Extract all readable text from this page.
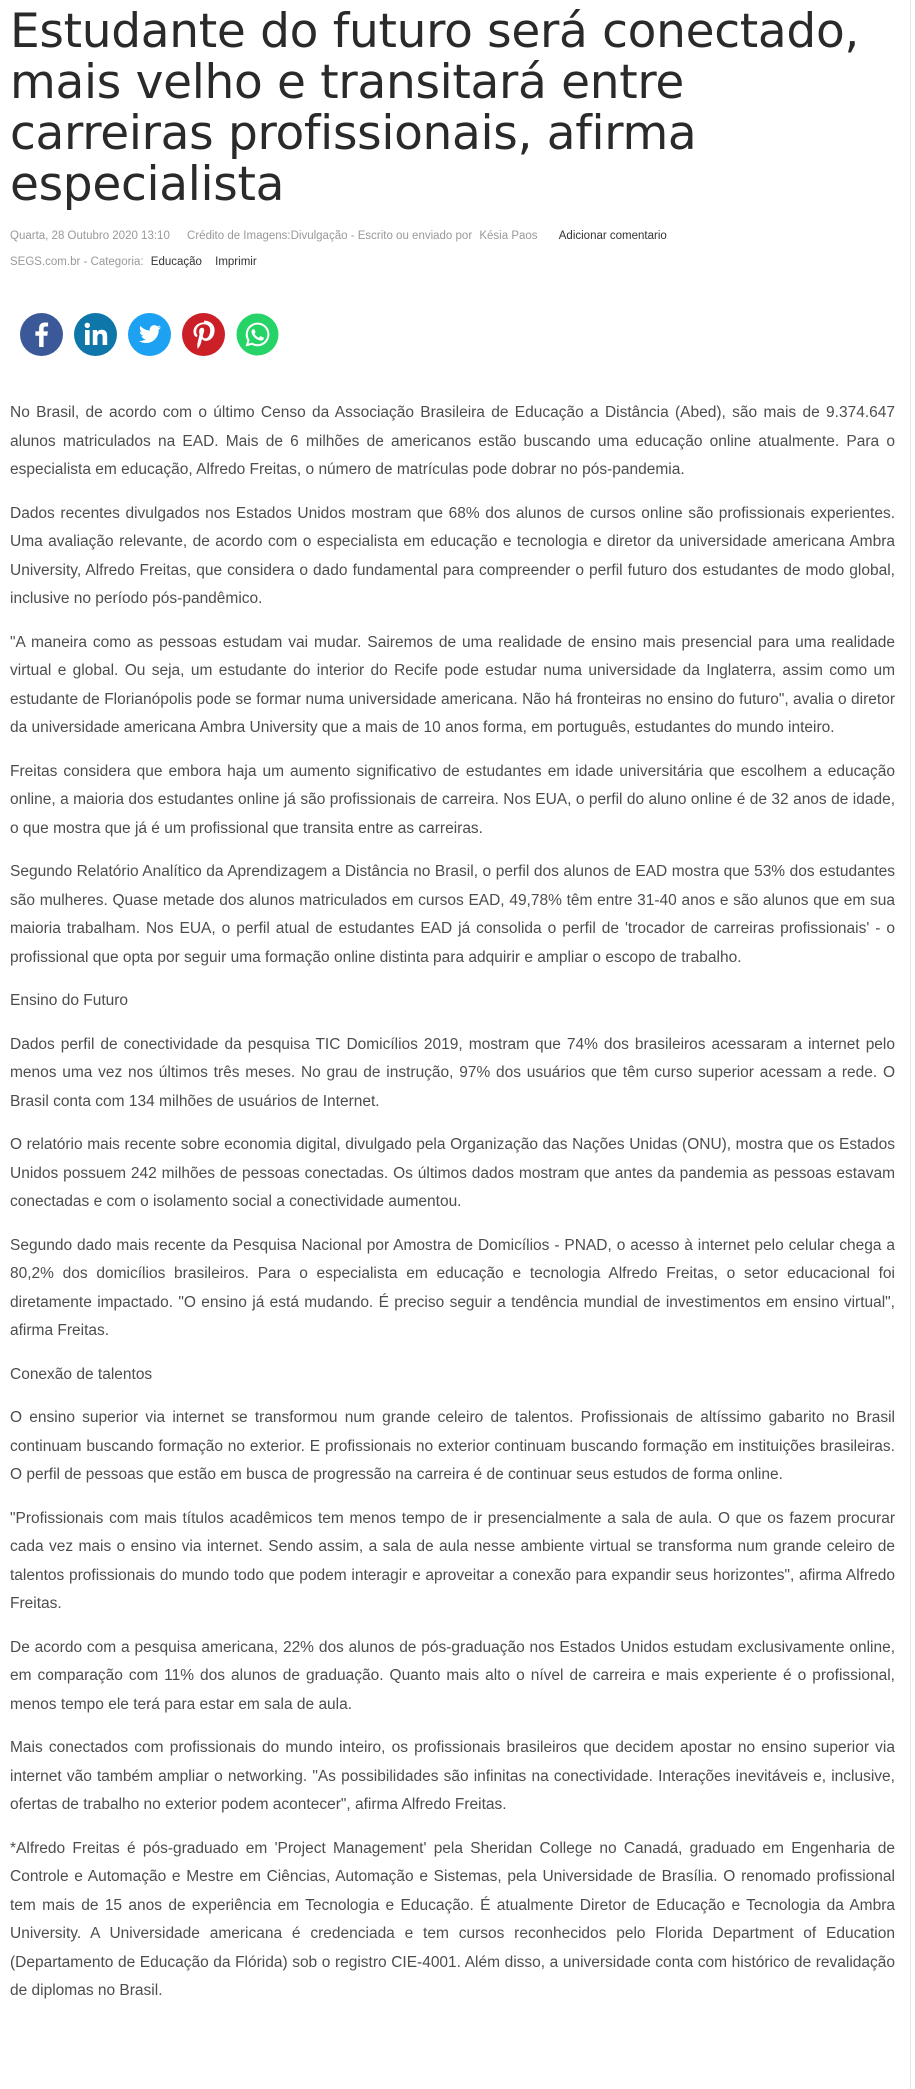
Estudante do futuro será conectado, mais velho e transitará entre carreiras profissionais, afirma especialista
Quarta, 28 Outubro 2020 13:10 Crédito de Imagens:Divulgação - Escrito ou enviado por Késia Paos Adicionar comentario
SEGS.com.br - Categoria: Educação Imprimir

No Brasil, de acordo com o último Censo da Associação Brasileira de Educação a Distância (Abed), são mais de 9.374.647 alunos matriculados na EAD. Mais de 6 milhões de americanos estão buscando uma educação online atualmente. Para o especialista em educação, Alfredo Freitas, o número de matrículas pode dobrar no pós-pandemia.

Dados recentes divulgados nos Estados Unidos mostram que 68% dos alunos de cursos online são profissionais experientes. Uma avaliação relevante, de acordo com o especialista em educação e tecnologia e diretor da universidade americana Ambra University, Alfredo Freitas, que considera o dado fundamental para compreender o perfil futuro dos estudantes de modo global, inclusive no período pós-pandêmico.

"A maneira como as pessoas estudam vai mudar. Sairemos de uma realidade de ensino mais presencial para uma realidade virtual e global. Ou seja, um estudante do interior do Recife pode estudar numa universidade da Inglaterra, assim como um estudante de Florianópolis pode se formar numa universidade americana. Não há fronteiras no ensino do futuro", avalia o diretor da universidade americana Ambra University que a mais de 10 anos forma, em português, estudantes do mundo inteiro.

Freitas considera que embora haja um aumento significativo de estudantes em idade universitária que escolhem a educação online, a maioria dos estudantes online já são profissionais de carreira. Nos EUA, o perfil do aluno online é de 32 anos de idade, o que mostra que já é um profissional que transita entre as carreiras.

Segundo Relatório Analítico da Aprendizagem a Distância no Brasil, o perfil dos alunos de EAD mostra que 53% dos estudantes são mulheres. Quase metade dos alunos matriculados em cursos EAD, 49,78% têm entre 31-40 anos e são alunos que em sua maioria trabalham. Nos EUA, o perfil atual de estudantes EAD já consolida o perfil de 'trocador de carreiras profissionais' - o profissional que opta por seguir uma formação online distinta para adquirir e ampliar o escopo de trabalho.

Ensino do Futuro

Dados perfil de conectividade da pesquisa TIC Domicílios 2019, mostram que 74% dos brasileiros acessaram a internet pelo menos uma vez nos últimos três meses. No grau de instrução, 97% dos usuários que têm curso superior acessam a rede. O Brasil conta com 134 milhões de usuários de Internet.

O relatório mais recente sobre economia digital, divulgado pela Organização das Nações Unidas (ONU), mostra que os Estados Unidos possuem 242 milhões de pessoas conectadas. Os últimos dados mostram que antes da pandemia as pessoas estavam conectadas e com o isolamento social a conectividade aumentou.

Segundo dado mais recente da Pesquisa Nacional por Amostra de Domicílios - PNAD, o acesso à internet pelo celular chega a 80,2% dos domicílios brasileiros. Para o especialista em educação e tecnologia Alfredo Freitas, o setor educacional foi diretamente impactado. "O ensino já está mudando. É preciso seguir a tendência mundial de investimentos em ensino virtual", afirma Freitas.

Conexão de talentos

O ensino superior via internet se transformou num grande celeiro de talentos. Profissionais de altíssimo gabarito no Brasil continuam buscando formação no exterior. E profissionais no exterior continuam buscando formação em instituições brasileiras. O perfil de pessoas que estão em busca de progressão na carreira é de continuar seus estudos de forma online.

"Profissionais com mais títulos acadêmicos tem menos tempo de ir presencialmente a sala de aula. O que os fazem procurar cada vez mais o ensino via internet. Sendo assim, a sala de aula nesse ambiente virtual se transforma num grande celeiro de talentos profissionais do mundo todo que podem interagir e aproveitar a conexão para expandir seus horizontes", afirma Alfredo Freitas.

De acordo com a pesquisa americana, 22% dos alunos de pós-graduação nos Estados Unidos estudam exclusivamente online, em comparação com 11% dos alunos de graduação. Quanto mais alto o nível de carreira e mais experiente é o profissional, menos tempo ele terá para estar em sala de aula.

Mais conectados com profissionais do mundo inteiro, os profissionais brasileiros que decidem apostar no ensino superior via internet vão também ampliar o networking. "As possibilidades são infinitas na conectividade. Interações inevitáveis e, inclusive, ofertas de trabalho no exterior podem acontecer", afirma Alfredo Freitas.

*Alfredo Freitas é pós-graduado em 'Project Management' pela Sheridan College no Canadá, graduado em Engenharia de Controle e Automação e Mestre em Ciências, Automação e Sistemas, pela Universidade de Brasília. O renomado profissional tem mais de 15 anos de experiência em Tecnologia e Educação. É atualmente Diretor de Educação e Tecnologia da Ambra University. A Universidade americana é credenciada e tem cursos reconhecidos pelo Florida Department of Education (Departamento de Educação da Flórida) sob o registro CIE-4001. Além disso, a universidade conta com histórico de revalidação de diplomas no Brasil.
